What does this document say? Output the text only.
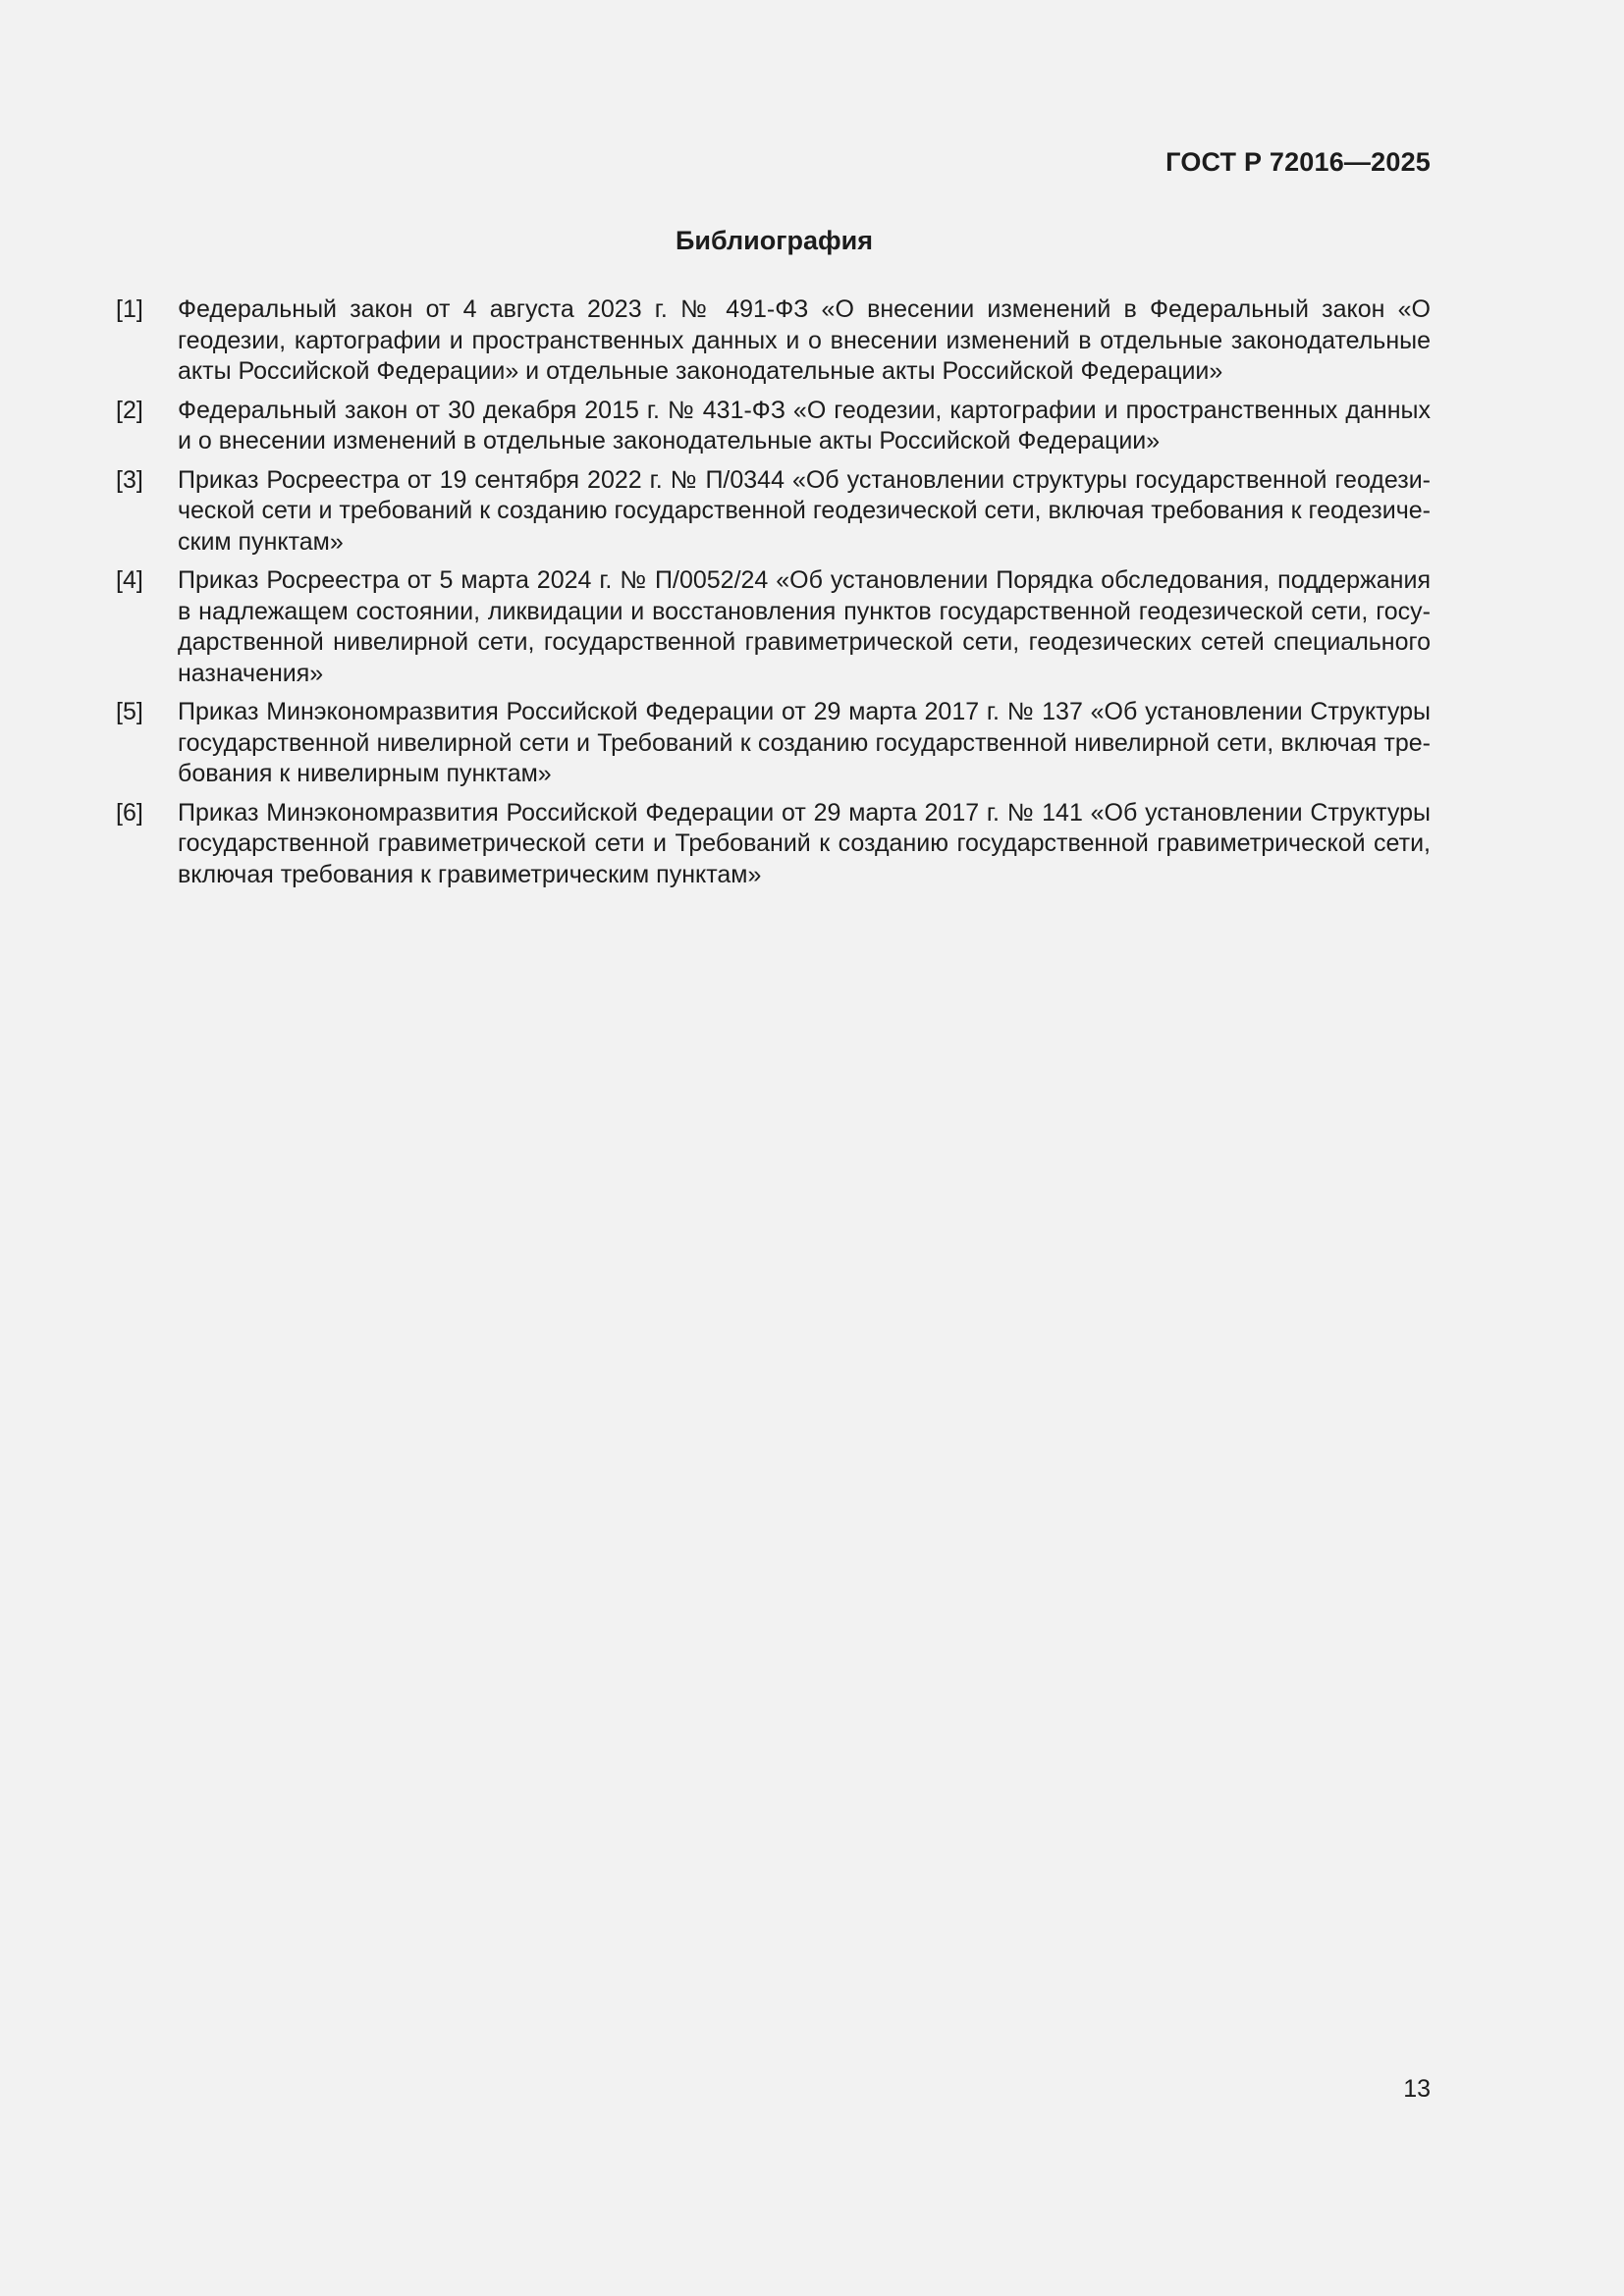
ГОСТ Р 72016—2025
Библиография
[1]	Федеральный закон от 4 августа 2023 г. № 491-ФЗ «О внесении изменений в Федеральный закон «О геодезии, картографии и пространственных данных и о внесении изменений в отдельные законодательные акты Российской Федерации» и отдельные законодательные акты Российской Федерации»
[2]	Федеральный закон от 30 декабря 2015 г. № 431-ФЗ «О геодезии, картографии и пространственных данных и о внесении изменений в отдельные законодательные акты Российской Федерации»
[3]	Приказ Росреестра от 19 сентября 2022 г. № П/0344 «Об установлении структуры государственной геодезической сети и требований к созданию государственной геодезической сети, включая требования к геодезическим пунктам»
[4]	Приказ Росреестра от 5 марта 2024 г. № П/0052/24 «Об установлении Порядка обследования, поддержания в надлежащем состоянии, ликвидации и восстановления пунктов государственной геодезической сети, государственной нивелирной сети, государственной гравиметрической сети, геодезических сетей специального назначения»
[5]	Приказ Минэкономразвития Российской Федерации от 29 марта 2017 г. № 137 «Об установлении Структуры государственной нивелирной сети и Требований к созданию государственной нивелирной сети, включая требования к нивелирным пунктам»
[6]	Приказ Минэкономразвития Российской Федерации от 29 марта 2017 г. № 141 «Об установлении Структуры государственной гравиметрической сети и Требований к созданию государственной гравиметрической сети, включая требования к гравиметрическим пунктам»
13
